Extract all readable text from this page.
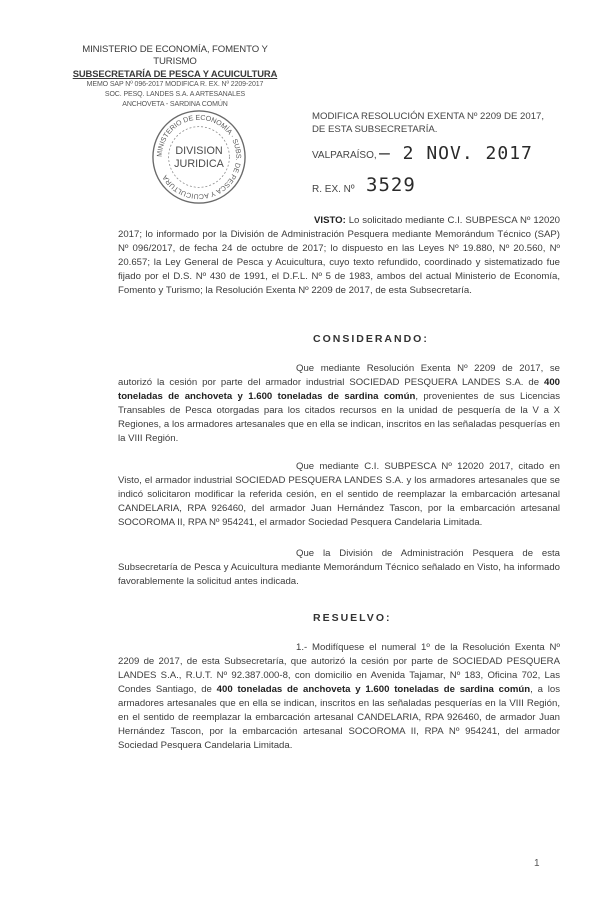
MINISTERIO DE ECONOMÍA, FOMENTO Y TURISMO
SUBSECRETARÍA DE PESCA Y ACUICULTURA
MEMO SAP Nº 096-2017 MODIFICA R. EX. Nº 2209-2017
SOC. PESQ. LANDES S.A. A ARTESANALES
ANCHOVETA - SARDINA COMÚN
MINISTERIO DE ECONOMÍA · SUBS. DE PESCA Y ACUICULTURA
DIVISION
JURIDICA
MODIFICA RESOLUCIÓN EXENTA Nº 2209 DE 2017, DE ESTA SUBSECRETARÍA.
VALPARAÍSO, – 2 NOV. 2017
R. EX. Nº 3529
VISTO: Lo solicitado mediante C.I. SUBPESCA Nº 12020 2017; lo informado por la División de Administración Pesquera mediante Memorándum Técnico (SAP) Nº 096/2017, de fecha 24 de octubre de 2017; lo dispuesto en las Leyes Nº 19.880, Nº 20.560, Nº 20.657; la Ley General de Pesca y Acuicultura, cuyo texto refundido, coordinado y sistematizado fue fijado por el D.S. Nº 430 de 1991, el D.F.L. Nº 5 de 1983, ambos del actual Ministerio de Economía, Fomento y Turismo; la Resolución Exenta Nº 2209 de 2017, de esta Subsecretaría.
CONSIDERANDO:
Que mediante Resolución Exenta Nº 2209 de 2017, se autorizó la cesión por parte del armador industrial SOCIEDAD PESQUERA LANDES S.A. de 400 toneladas de anchoveta y 1.600 toneladas de sardina común, provenientes de sus Licencias Transables de Pesca otorgadas para los citados recursos en la unidad de pesquería de la V a X Regiones, a los armadores artesanales que en ella se indican, inscritos en las señaladas pesquerías en la VIII Región.
Que mediante C.I. SUBPESCA Nº 12020 2017, citado en Visto, el armador industrial SOCIEDAD PESQUERA LANDES S.A. y los armadores artesanales que se indicó solicitaron modificar la referida cesión, en el sentido de reemplazar la embarcación artesanal CANDELARIA, RPA 926460, del armador Juan Hernández Tascon, por la embarcación artesanal SOCOROMA II, RPA Nº 954241, el armador Sociedad Pesquera Candelaria Limitada.
Que la División de Administración Pesquera de esta Subsecretaría de Pesca y Acuicultura mediante Memorándum Técnico señalado en Visto, ha informado favorablemente la solicitud antes indicada.
RESUELVO:
1.- Modifíquese el numeral 1º de la Resolución Exenta Nº 2209 de 2017, de esta Subsecretaría, que autorizó la cesión por parte de SOCIEDAD PESQUERA LANDES S.A., R.U.T. Nº 92.387.000-8, con domicilio en Avenida Tajamar, Nº 183, Oficina 702, Las Condes Santiago, de 400 toneladas de anchoveta y 1.600 toneladas de sardina común, a los armadores artesanales que en ella se indican, inscritos en las señaladas pesquerías en la VIII Región, en el sentido de reemplazar la embarcación artesanal CANDELARIA, RPA 926460, de armador Juan Hernández Tascon, por la embarcación artesanal SOCOROMA II, RPA Nº 954241, del armador Sociedad Pesquera Candelaria Limitada.
1
